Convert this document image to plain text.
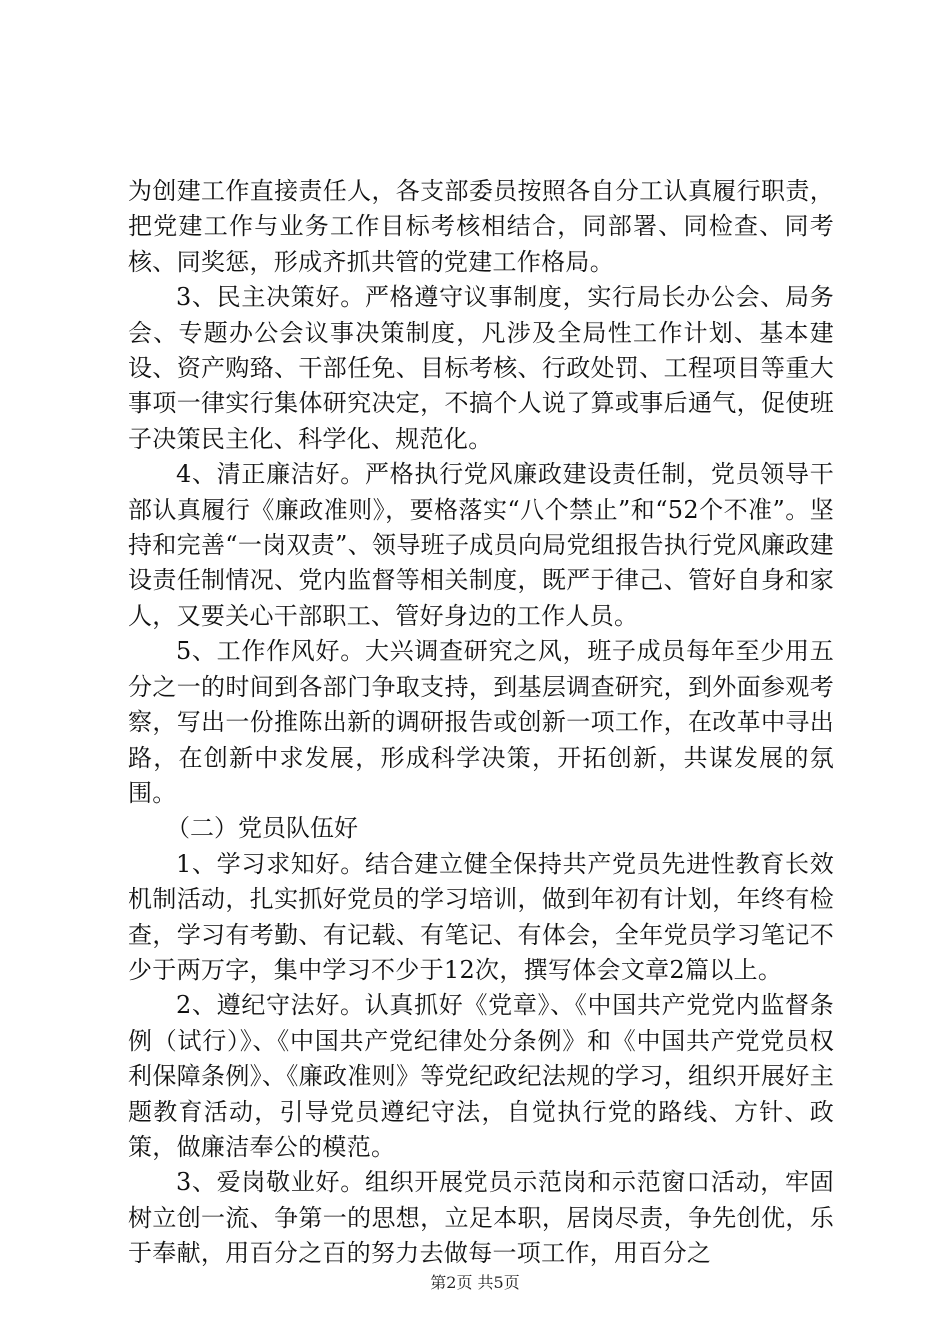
为创建工作直接责任人，各支部委员按照各自分工认真履行职责，把党建工作与业务工作目标考核相结合，同部署、同检查、同考核、同奖惩，形成齐抓共管的党建工作格局。

3、民主决策好。严格遵守议事制度，实行局长办公会、局务会、专题办公会议事决策制度，凡涉及全局性工作计划、基本建设、资产购臵、干部任免、目标考核、行政处罚、工程项目等重大事项一律实行集体研究决定，不搞个人说了算或事后通气，促使班子决策民主化、科学化、规范化。

4、清正廉洁好。严格执行党风廉政建设责任制，党员领导干部认真履行《廉政准则》，要格落实“八个禁止”和“52个不准”。坚持和完善“一岗双责”、领导班子成员向局党组报告执行党风廉政建设责任制情况、党内监督等相关制度，既严于律己、管好自身和家人，又要关心干部职工、管好身边的工作人员。

5、工作作风好。大兴调查研究之风，班子成员每年至少用五分之一的时间到各部门争取支持，到基层调查研究，到外面参观考察，写出一份推陈出新的调研报告或创新一项工作，在改革中寻出路，在创新中求发展，形成科学决策，开拓创新，共谋发展的氛围。

（二）党员队伍好

1、学习求知好。结合建立健全保持共产党员先进性教育长效机制活动，扎实抓好党员的学习培训，做到年初有计划，年终有检查，学习有考勤、有记载、有笔记、有体会，全年党员学习笔记不少于两万字，集中学习不少于12次，撰写体会文章2篇以上。

2、遵纪守法好。认真抓好《党章》、《中国共产党党内监督条例（试行）》、《中国共产党纪律处分条例》和《中国共产党党员权利保障条例》、《廉政准则》等党纪政纪法规的学习，组织开展好主题教育活动，引导党员遵纪守法，自觉执行党的路线、方针、政策，做廉洁奉公的模范。

3、爱岗敬业好。组织开展党员示范岗和示范窗口活动，牢固树立创一流、争第一的思想，立足本职，居岗尽责，争先创优，乐于奉献，用百分之百的努力去做每一项工作，用百分之

第2页 共5页
